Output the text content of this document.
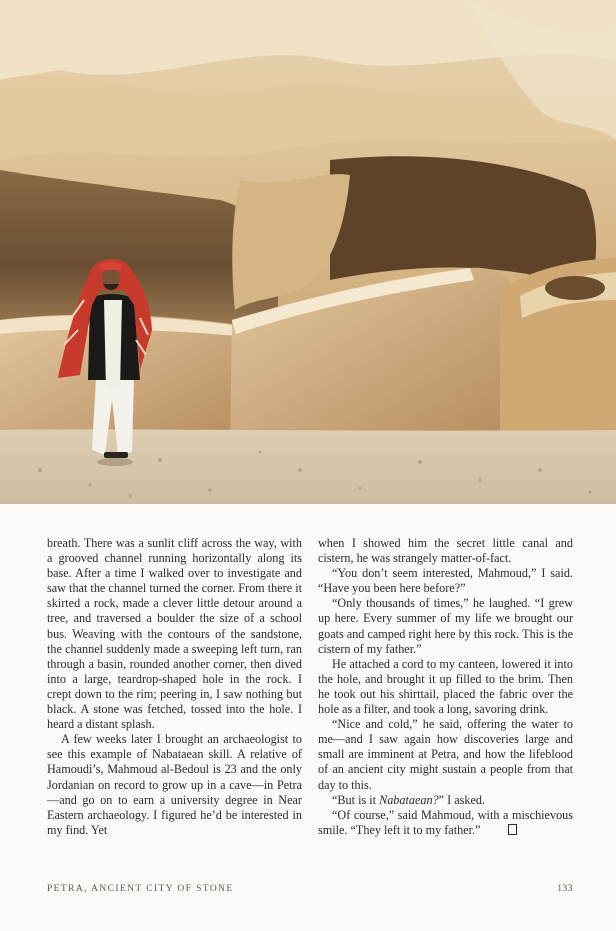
breath. There was a sunlit cliff across the way, with a grooved channel running horizontally along its base. After a time I walked over to investigate and saw that the channel turned the corner. From there it skirted a rock, made a clever little detour around a tree, and traversed a boulder the size of a school bus. Weaving with the contours of the sandstone, the channel suddenly made a sweeping left turn, ran through a basin, rounded another corner, then dived into a large, teardrop-shaped hole in the rock. I crept down to the rim; peering in, I saw nothing but black. A stone was fetched, tossed into the hole. I heard a distant splash.

A few weeks later I brought an archaeologist to see this example of Nabataean skill. A relative of Hamoudi’s, Mahmoud al-Bedoul is 23 and the only Jordanian on record to grow up in a cave—in Petra—and go on to earn a university degree in Near Eastern archaeology. I figured he’d be interested in my find. Yet

when I showed him the secret little canal and cistern, he was strangely matter-of-fact.

“You don’t seem interested, Mahmoud,” I said. “Have you been here before?”

“Only thousands of times,” he laughed. “I grew up here. Every summer of my life we brought our goats and camped right here by this rock. This is the cistern of my father.”

He attached a cord to my canteen, lowered it into the hole, and brought it up filled to the brim. Then he took out his shirttail, placed the fabric over the hole as a filter, and took a long, savoring drink.

“Nice and cold,” he said, offering the water to me—and I saw again how discoveries large and small are imminent at Petra, and how the lifeblood of an ancient city might sustain a people from that day to this.

“But is it Nabataean?” I asked.

“Of course,” said Mahmoud, with a mischievous smile. “They left it to my father.”

PETRA, ANCIENT CITY OF STONE	133
